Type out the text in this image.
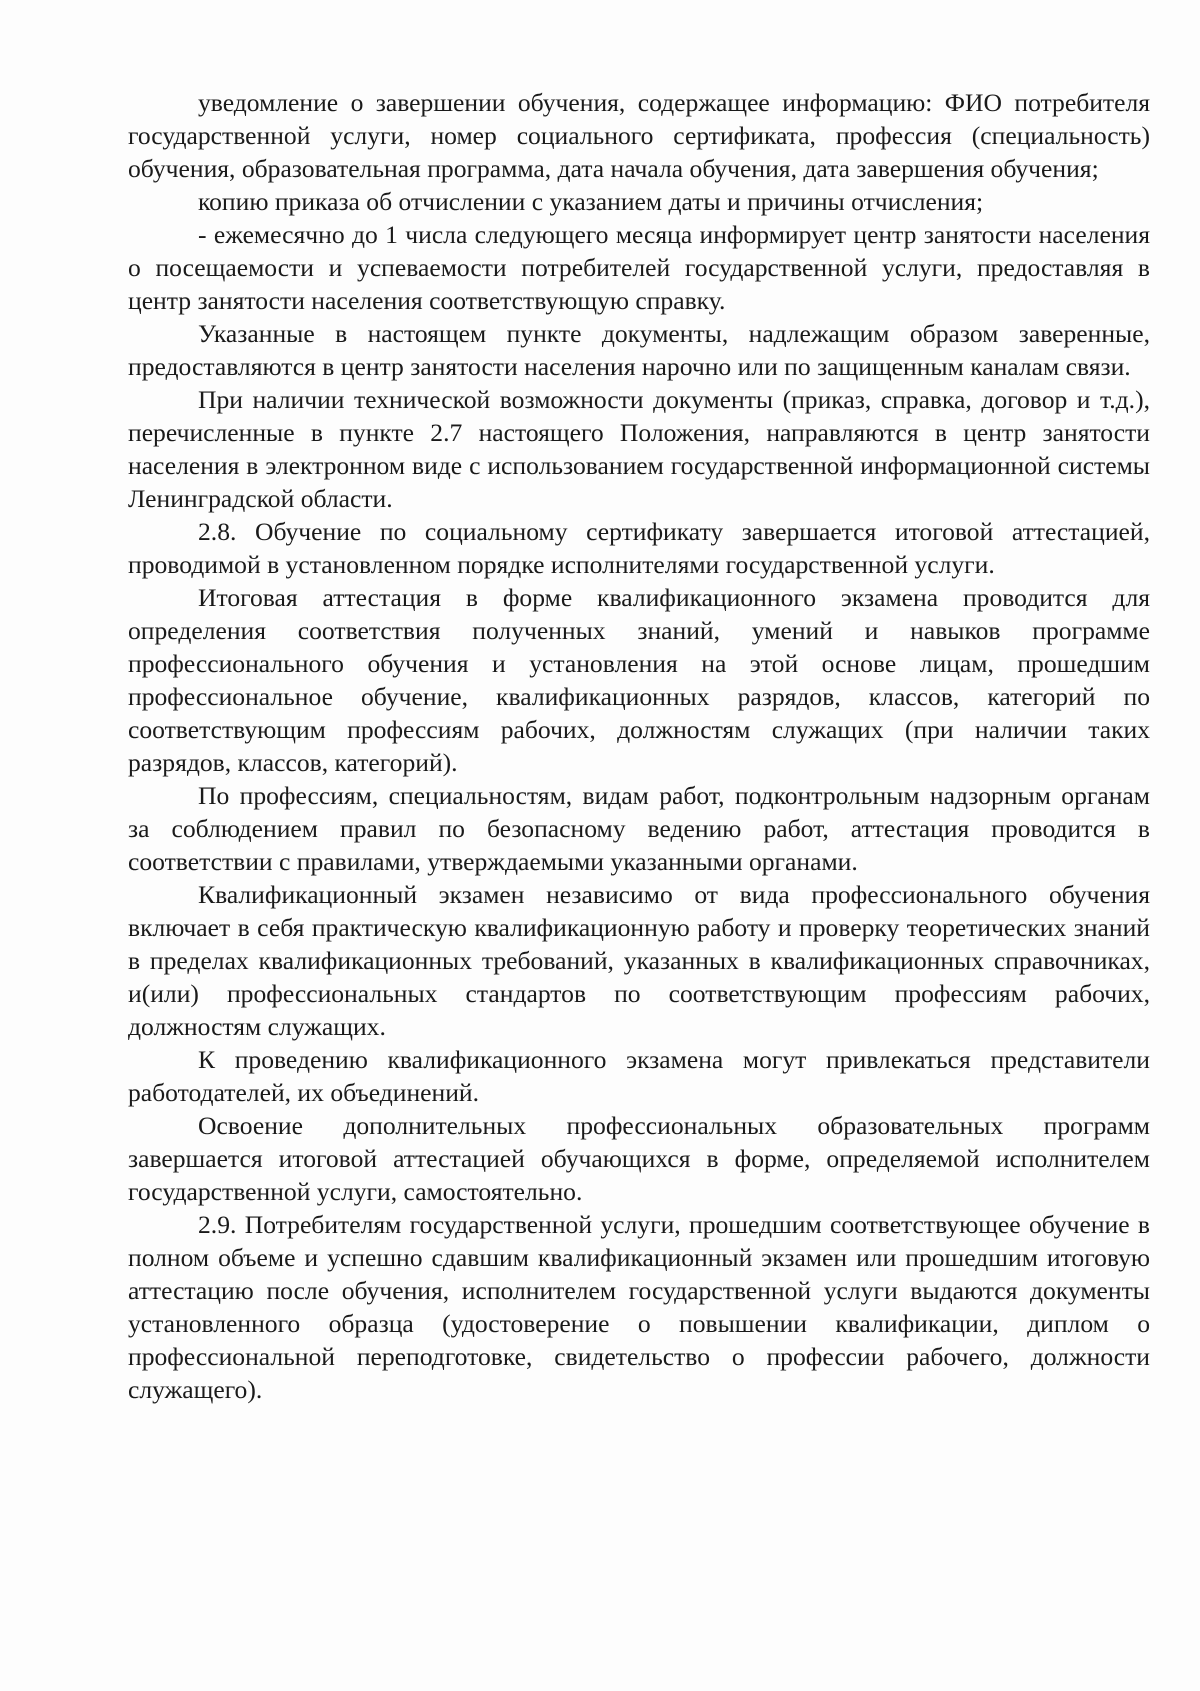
уведомление о завершении обучения, содержащее информацию: ФИО потребителя государственной услуги, номер социального сертификата, профессия (специальность) обучения, образовательная программа, дата начала обучения, дата завершения обучения;

копию приказа об отчислении с указанием даты и причины отчисления;

- ежемесячно до 1 числа следующего месяца информирует центр занятости населения о посещаемости и успеваемости потребителей государственной услуги, предоставляя в центр занятости населения соответствующую справку.

Указанные в настоящем пункте документы, надлежащим образом заверенные, предоставляются в центр занятости населения нарочно или по защищенным каналам связи.

При наличии технической возможности документы (приказ, справка, договор и т.д.), перечисленные в пункте 2.7 настоящего Положения, направляются в центр занятости населения в электронном виде с использованием государственной информационной системы Ленинградской области.

2.8. Обучение по социальному сертификату завершается итоговой аттестацией, проводимой в установленном порядке исполнителями государственной услуги.

Итоговая аттестация в форме квалификационного экзамена проводится для определения соответствия полученных знаний, умений и навыков программе профессионального обучения и установления на этой основе лицам, прошедшим профессиональное обучение, квалификационных разрядов, классов, категорий по соответствующим профессиям рабочих, должностям служащих (при наличии таких разрядов, классов, категорий).

По профессиям, специальностям, видам работ, подконтрольным надзорным органам за соблюдением правил по безопасному ведению работ, аттестация проводится в соответствии с правилами, утверждаемыми указанными органами.

Квалификационный экзамен независимо от вида профессионального обучения включает в себя практическую квалификационную работу и проверку теоретических знаний в пределах квалификационных требований, указанных в квалификационных справочниках, и(или) профессиональных стандартов по соответствующим профессиям рабочих, должностям служащих.

К проведению квалификационного экзамена могут привлекаться представители работодателей, их объединений.

Освоение дополнительных профессиональных образовательных программ завершается итоговой аттестацией обучающихся в форме, определяемой исполнителем государственной услуги, самостоятельно.

2.9. Потребителям государственной услуги, прошедшим соответствующее обучение в полном объеме и успешно сдавшим квалификационный экзамен или прошедшим итоговую аттестацию после обучения, исполнителем государственной услуги выдаются документы установленного образца (удостоверение о повышении квалификации, диплом о профессиональной переподготовке, свидетельство о профессии рабочего, должности служащего).
